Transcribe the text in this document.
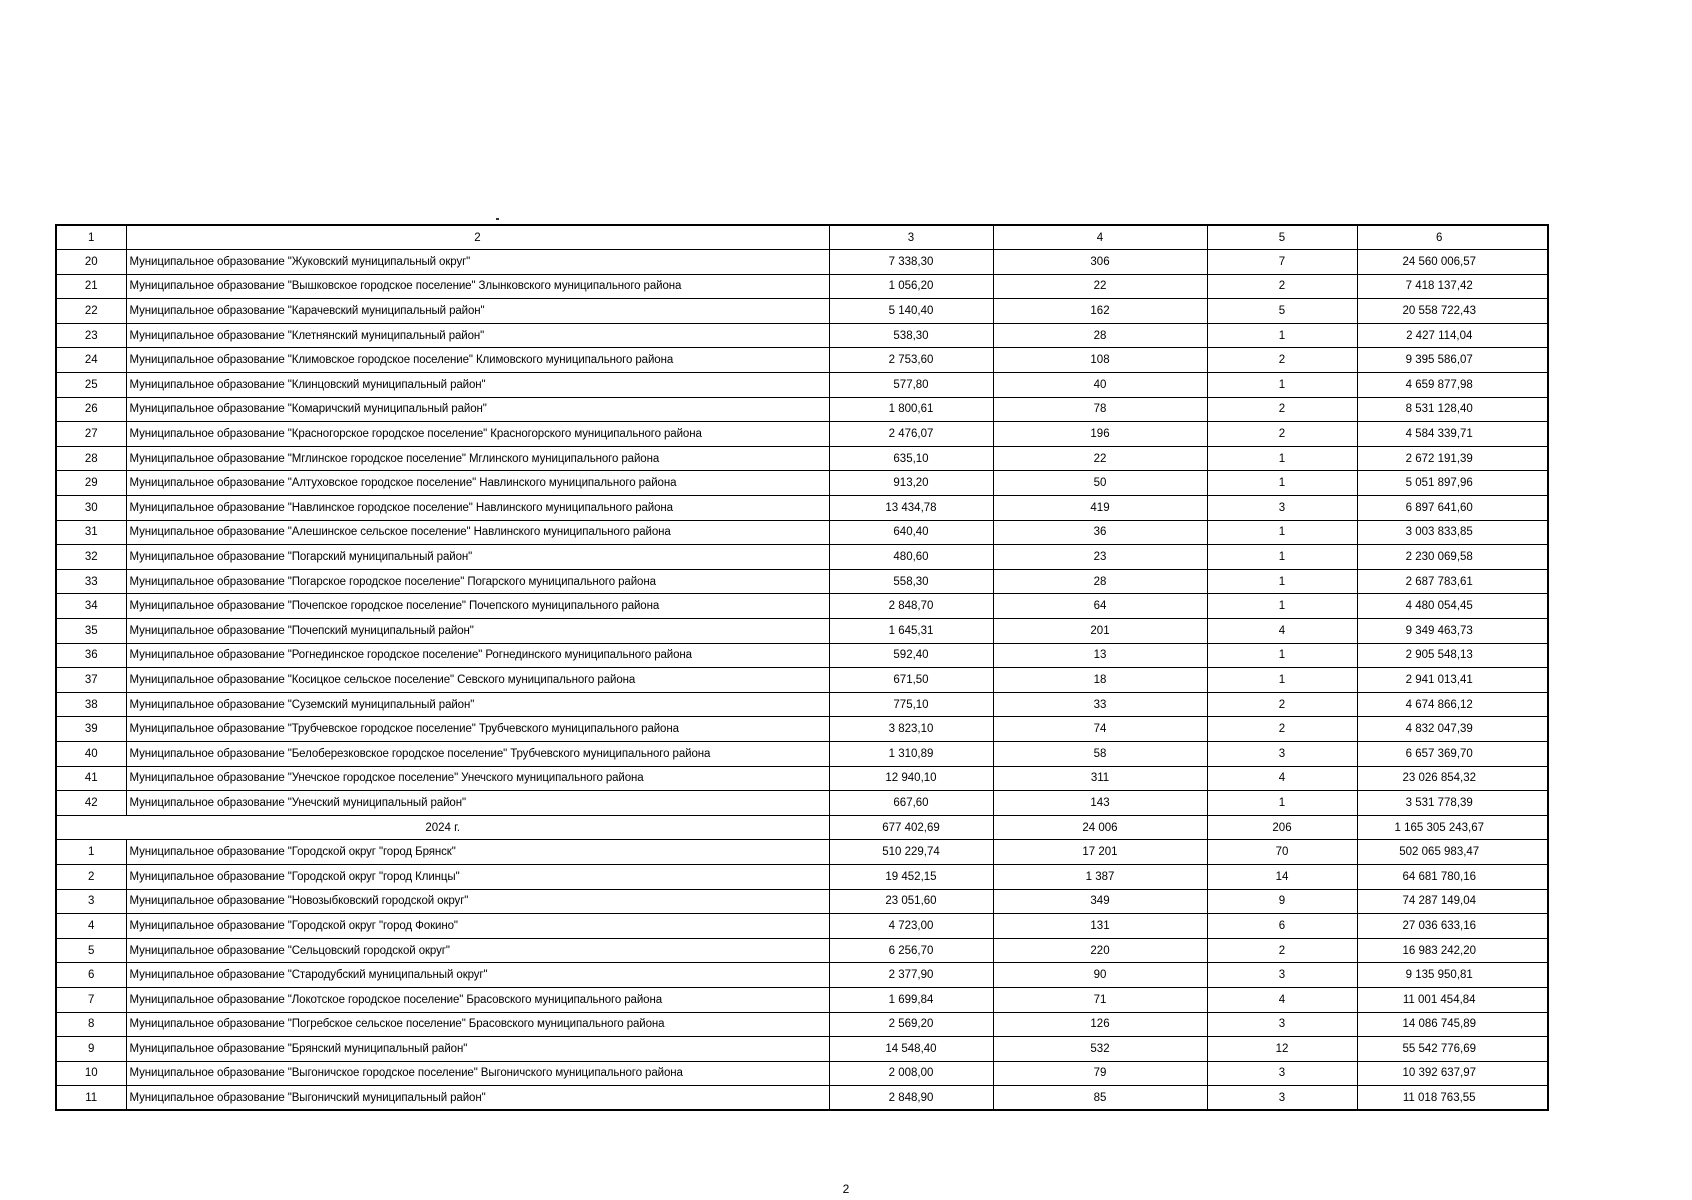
1	2	3	4	5	6
20	Муниципальное образование "Жуковский муниципальный округ"	7 338,30	306	7	24 560 006,57
21	Муниципальное образование "Вышковское городское поселение" Злынковского муниципального района	1 056,20	22	2	7 418 137,42
22	Муниципальное образование "Карачевский муниципальный район"	5 140,40	162	5	20 558 722,43
23	Муниципальное образование "Клетнянский муниципальный район"	538,30	28	1	2 427 114,04
24	Муниципальное образование "Климовское городское поселение" Климовского муниципального района	2 753,60	108	2	9 395 586,07
25	Муниципальное образование "Клинцовский муниципальный район"	577,80	40	1	4 659 877,98
26	Муниципальное образование "Комаричский муниципальный район"	1 800,61	78	2	8 531 128,40
27	Муниципальное образование "Красногорское городское поселение" Красногорского муниципального района	2 476,07	196	2	4 584 339,71
28	Муниципальное образование "Мглинское городское поселение" Мглинского муниципального района	635,10	22	1	2 672 191,39
29	Муниципальное образование "Алтуховское городское поселение" Навлинского муниципального района	913,20	50	1	5 051 897,96
30	Муниципальное образование "Навлинское городское поселение" Навлинского муниципального района	13 434,78	419	3	6 897 641,60
31	Муниципальное образование "Алешинское сельское поселение" Навлинского муниципального района	640,40	36	1	3 003 833,85
32	Муниципальное образование "Погарский муниципальный район"	480,60	23	1	2 230 069,58
33	Муниципальное образование "Погарское городское поселение" Погарского муниципального района	558,30	28	1	2 687 783,61
34	Муниципальное образование "Почепское городское поселение" Почепского муниципального района	2 848,70	64	1	4 480 054,45
35	Муниципальное образование "Почепский муниципальный район"	1 645,31	201	4	9 349 463,73
36	Муниципальное образование "Рогнединское городское поселение" Рогнединского муниципального района	592,40	13	1	2 905 548,13
37	Муниципальное образование "Косицкое сельское поселение" Севского муниципального района	671,50	18	1	2 941 013,41
38	Муниципальное образование "Суземский муниципальный район"	775,10	33	2	4 674 866,12
39	Муниципальное образование "Трубчевское городское поселение" Трубчевского муниципального района	3 823,10	74	2	4 832 047,39
40	Муниципальное образование "Белоберезковское городское поселение" Трубчевского муниципального района	1 310,89	58	3	6 657 369,70
41	Муниципальное образование "Унечское городское поселение" Унечского муниципального района	12 940,10	311	4	23 026 854,32
42	Муниципальное образование "Унечский муниципальный район"	667,60	143	1	3 531 778,39
2024 г.		677 402,69	24 006	206	1 165 305 243,67
1	Муниципальное образование "Городской округ "город Брянск"	510 229,74	17 201	70	502 065 983,47
2	Муниципальное образование "Городской округ "город Клинцы"	19 452,15	1 387	14	64 681 780,16
3	Муниципальное образование "Новозыбковский городской округ"	23 051,60	349	9	74 287 149,04
4	Муниципальное образование "Городской округ "город Фокино"	4 723,00	131	6	27 036 633,16
5	Муниципальное образование "Сельцовский городской округ"	6 256,70	220	2	16 983 242,20
6	Муниципальное образование "Стародубский муниципальный округ"	2 377,90	90	3	9 135 950,81
7	Муниципальное образование "Локотское городское поселение" Брасовского муниципального района	1 699,84	71	4	11 001 454,84
8	Муниципальное образование "Погребское сельское поселение" Брасовского муниципального района	2 569,20	126	3	14 086 745,89
9	Муниципальное образование "Брянский муниципальный район"	14 548,40	532	12	55 542 776,69
10	Муниципальное образование "Выгоничское городское поселение" Выгоничского муниципального района	2 008,00	79	3	10 392 637,97
11	Муниципальное образование "Выгоничский муниципальный район"	2 848,90	85	3	11 018 763,55
2
